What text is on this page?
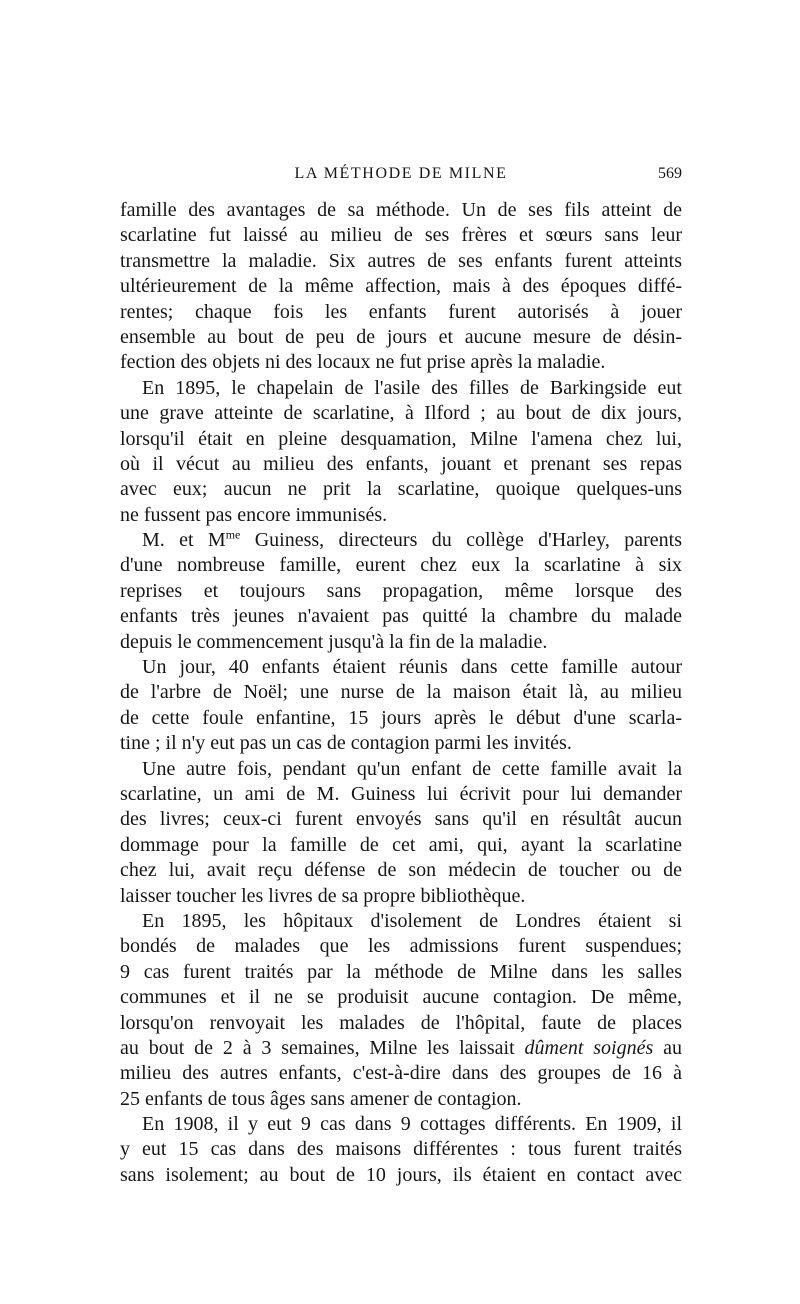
LA MÉTHODE DE MILNE	569
famille des avantages de sa méthode. Un de ses fils atteint de
scarlatine fut laissé au milieu de ses frères et sœurs sans leur
transmettre la maladie. Six autres de ses enfants furent atteints
ultérieurement de la même affection, mais à des époques diffé-
rentes; chaque fois les enfants furent autorisés à jouer
ensemble au bout de peu de jours et aucune mesure de désin-
fection des objets ni des locaux ne fut prise après la maladie.
En 1895, le chapelain de l'asile des filles de Barkingside eut
une grave atteinte de scarlatine, à Ilford ; au bout de dix jours,
lorsqu'il était en pleine desquamation, Milne l'amena chez lui,
où il vécut au milieu des enfants, jouant et prenant ses repas
avec eux; aucun ne prit la scarlatine, quoique quelques-uns
ne fussent pas encore immunisés.
M. et $M^{me}$ Guiness, directeurs du collège d'Harley, parents
d'une nombreuse famille, eurent chez eux la scarlatine à six
reprises et toujours sans propagation, même lorsque des
enfants très jeunes n'avaient pas quitté la chambre du malade
depuis le commencement jusqu'à la fin de la maladie.
Un jour, 40 enfants étaient réunis dans cette famille autour
de l'arbre de Noël; une nurse de la maison était là, au milieu
de cette foule enfantine, 15 jours après le début d'une scarla-
tine ; il n'y eut pas un cas de contagion parmi les invités.
Une autre fois, pendant qu'un enfant de cette famille avait la
scarlatine, un ami de M. Guiness lui écrivit pour lui demander
des livres; ceux-ci furent envoyés sans qu'il en résultât aucun
dommage pour la famille de cet ami, qui, ayant la scarlatine
chez lui, avait reçu défense de son médecin de toucher ou de
laisser toucher les livres de sa propre bibliothèque.
En 1895, les hôpitaux d'isolement de Londres étaient si
bondés de malades que les admissions furent suspendues;
9 cas furent traités par la méthode de Milne dans les salles
communes et il ne se produisit aucune contagion. De même,
lorsqu'on renvoyait les malades de l'hôpital, faute de places
au bout de 2 à 3 semaines, Milne les laissait dûment soignés au
milieu des autres enfants, c'est-à-dire dans des groupes de 16 à
25 enfants de tous âges sans amener de contagion.
En 1908, il y eut 9 cas dans 9 cottages différents. En 1909, il
y eut 15 cas dans des maisons différentes : tous furent traités
sans isolement; au bout de 10 jours, ils étaient en contact avec
